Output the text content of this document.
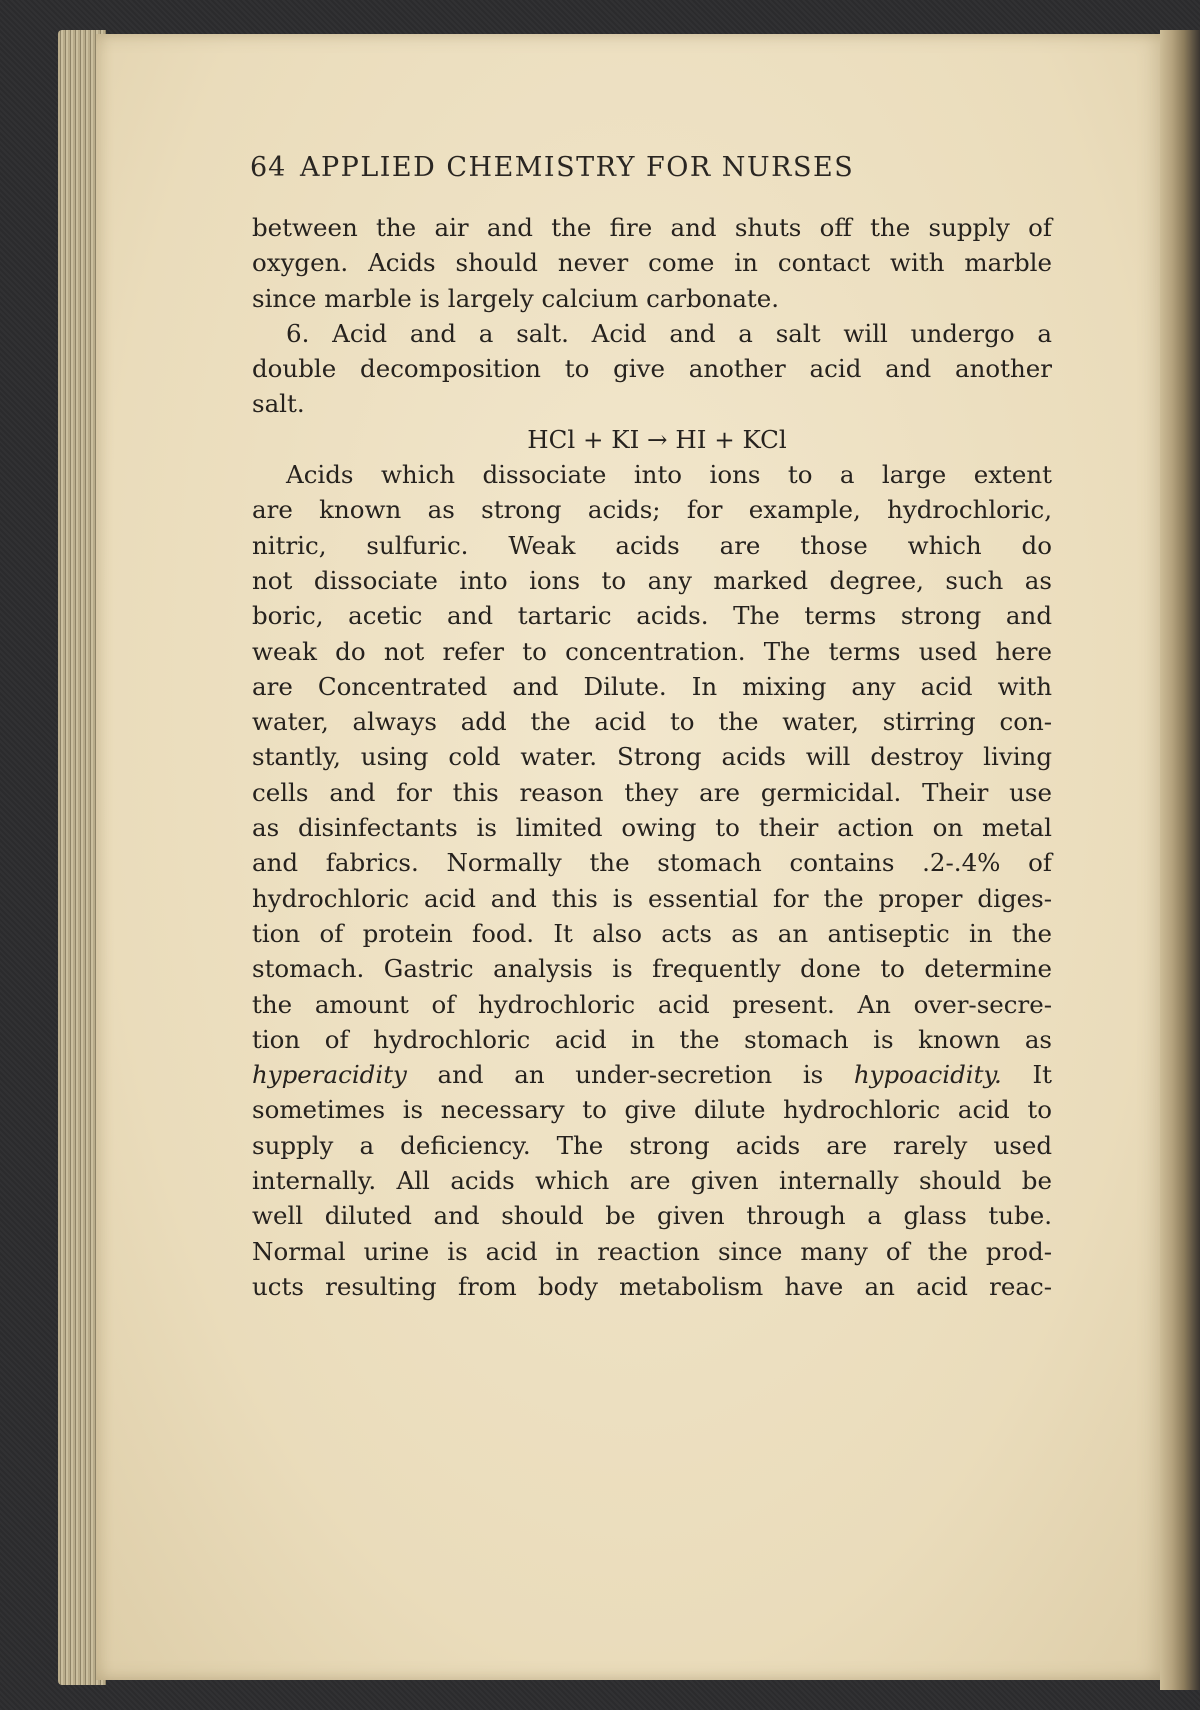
64 APPLIED CHEMISTRY FOR NURSES
between the air and the fire and shuts off the supply of
oxygen. Acids should never come in contact with marble
since marble is largely calcium carbonate.
6. Acid and a salt. Acid and a salt will undergo a
double decomposition to give another acid and another
salt.
HCl + KI → HI + KCl
Acids which dissociate into ions to a large extent
are known as strong acids; for example, hydrochloric,
nitric, sulfuric. Weak acids are those which do
not dissociate into ions to any marked degree, such as
boric, acetic and tartaric acids. The terms strong and
weak do not refer to concentration. The terms used here
are Concentrated and Dilute. In mixing any acid with
water, always add the acid to the water, stirring con-
stantly, using cold water. Strong acids will destroy living
cells and for this reason they are germicidal. Their use
as disinfectants is limited owing to their action on metal
and fabrics. Normally the stomach contains .2-.4% of
hydrochloric acid and this is essential for the proper diges-
tion of protein food. It also acts as an antiseptic in the
stomach. Gastric analysis is frequently done to determine
the amount of hydrochloric acid present. An over-secre-
tion of hydrochloric acid in the stomach is known as
hyperacidity and an under-secretion is hypoacidity. It
sometimes is necessary to give dilute hydrochloric acid to
supply a deficiency. The strong acids are rarely used
internally. All acids which are given internally should be
well diluted and should be given through a glass tube.
Normal urine is acid in reaction since many of the prod-
ucts resulting from body metabolism have an acid reac-
